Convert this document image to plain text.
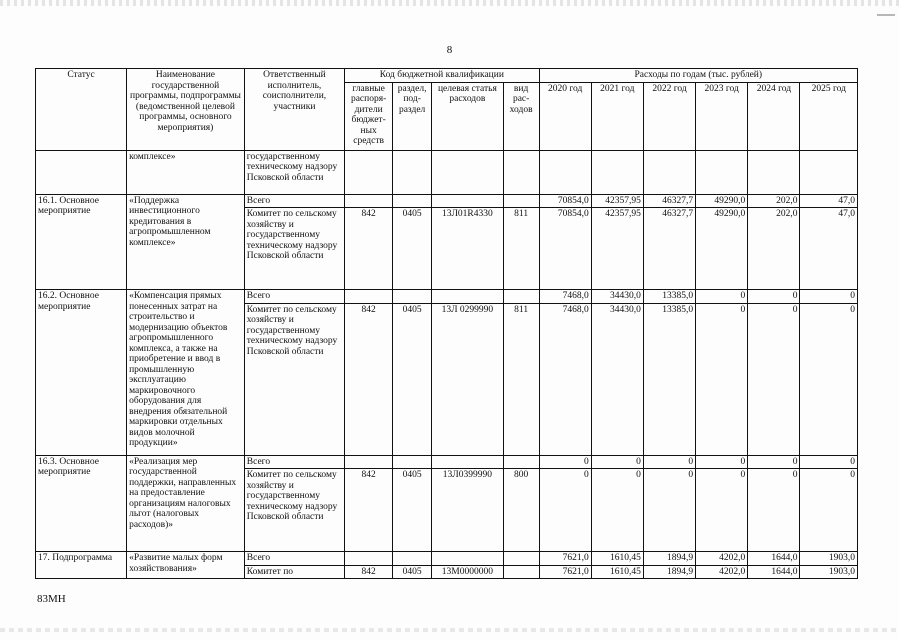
8
Статус	Наименование государственной программы, подпрограммы (ведомственной целевой программы, основного мероприятия)	Ответственный исполнитель, соисполнители, участники	Код бюджетной квалификации				Расходы по годам (тыс. рублей)					
			главные распоря-дители бюджет-ных средств	раздел, под-раздел	целевая статья расходов	вид рас-ходов	2020 год	2021 год	2022 год	2023 год	2024 год	2025 год
	комплексе»	государственному техническому надзору Псковской области										
16.1. Основное мероприятие	«Поддержка инвестиционного кредитования в агропромышленном комплексе»	Всего					70854,0	42357,95	46327,7	49290,0	202,0	47,0
		Комитет по сельскому хозяйству и государственному техническому надзору Псковской области	842	0405	13Л01R4330	811	70854,0	42357,95	46327,7	49290,0	202,0	47,0
16.2. Основное мероприятие	«Компенсация прямых понесенных затрат на строительство и модернизацию объектов агропромышленного комплекса, а также на приобретение и ввод в промышленную эксплуатацию маркировочного оборудования для внедрения обязательной маркировки отдельных видов молочной продукции»	Всего					7468,0	34430,0	13385,0	0	0	0
		Комитет по сельскому хозяйству и государственному техническому надзору Псковской области	842	0405	13Л 0299990	811	7468,0	34430,0	13385,0	0	0	0
16.3. Основное мероприятие	«Реализация мер государственной поддержки, направленных на предоставление организациям налоговых льгот (налоговых расходов)»	Всего					0	0	0	0	0	0
		Комитет по сельскому хозяйству и государственному техническому надзору Псковской области	842	0405	13Л0399990	800	0	0	0	0	0	0
17. Подпрограмма	«Развитие малых форм хозяйствования»	Всего					7621,0	1610,45	1894,9	4202,0	1644,0	1903,0
		Комитет по	842	0405	13М0000000		7621,0	1610,45	1894,9	4202,0	1644,0	1903,0
83МН
